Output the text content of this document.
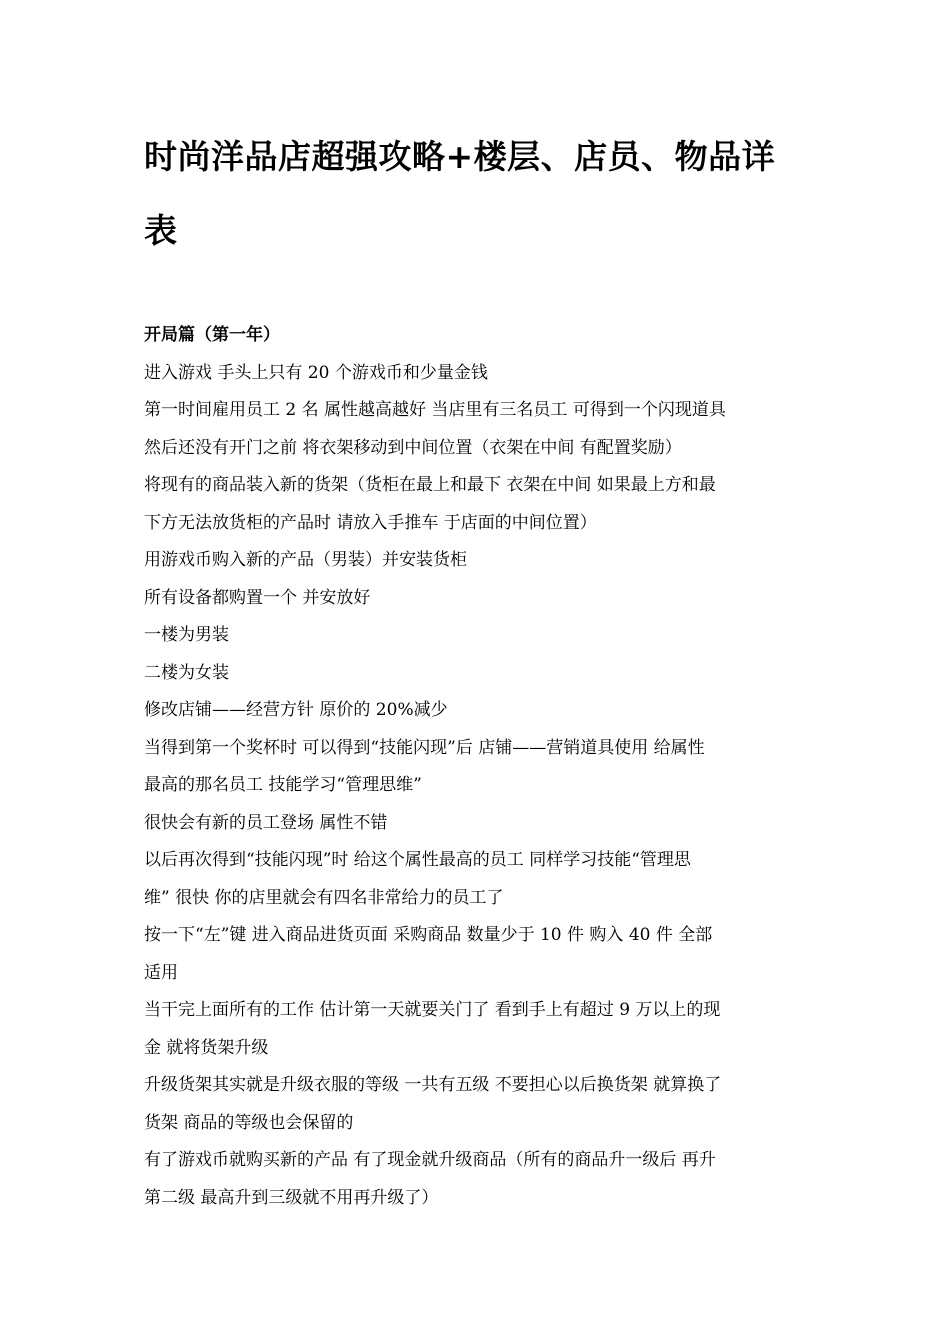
时尚洋品店超强攻略+楼层、店员、物品详
表

开局篇（第一年）

进入游戏 手头上只有 20 个游戏币和少量金钱

第一时间雇用员工 2 名 属性越高越好 当店里有三名员工 可得到一个闪现道具

然后还没有开门之前 将衣架移动到中间位置（衣架在中间 有配置奖励）

将现有的商品装入新的货架（货柜在最上和最下 衣架在中间 如果最上方和最

下方无法放货柜的产品时 请放入手推车 于店面的中间位置）

用游戏币购入新的产品（男装）并安装货柜

所有设备都购置一个 并安放好

一楼为男装

二楼为女装

修改店铺——经营方针 原价的 20%减少

当得到第一个奖杯时 可以得到“技能闪现”后 店铺——营销道具使用 给属性

最高的那名员工 技能学习“管理思维”

很快会有新的员工登场 属性不错

以后再次得到“技能闪现”时 给这个属性最高的员工 同样学习技能“管理思

维” 很快 你的店里就会有四名非常给力的员工了

按一下“左”键 进入商品进货页面 采购商品 数量少于 10 件 购入 40 件 全部

适用

当干完上面所有的工作 估计第一天就要关门了 看到手上有超过 9 万以上的现

金 就将货架升级

升级货架其实就是升级衣服的等级 一共有五级 不要担心以后换货架 就算换了

货架 商品的等级也会保留的

有了游戏币就购买新的产品 有了现金就升级商品（所有的商品升一级后 再升

第二级 最高升到三级就不用再升级了）
